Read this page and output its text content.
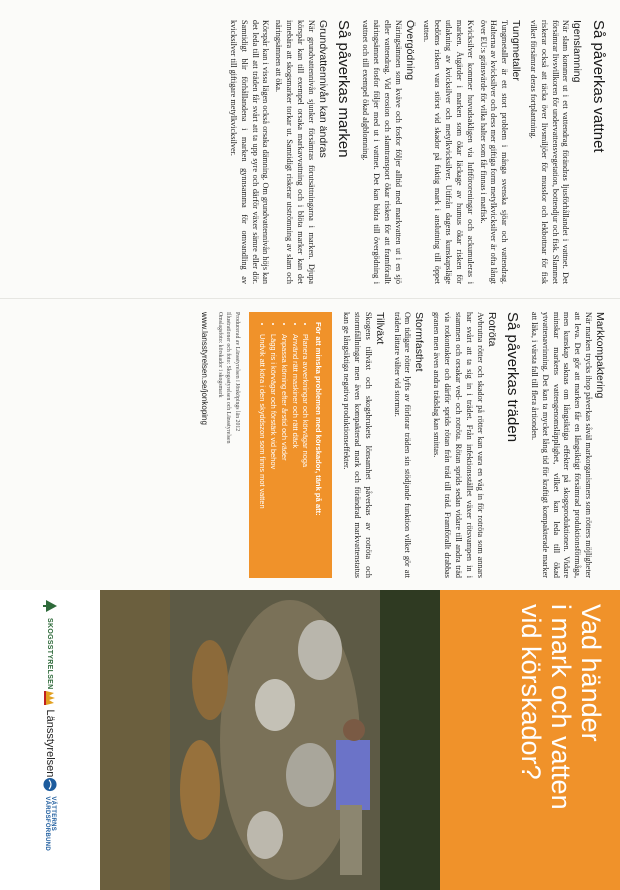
Så påverkas vattnet
Igenslamning

När slam kommer ut i ett vattendrag förändras ljusförhållandet i vattnet. Det försämrar livsvillkoren för undervattensvegetation, bottendjur och fisk. Slammet riskerar också att täcka över livsmiljöer för musslor och lekbottnar för fisk vilket försämrar deras fortplantning.

Tungmetaller

Tungmetaller är ett stort problem i många svenska sjöar och vattendrag. Halterna av kvicksilver och dess mer giftiga form metylkvicksilver är ofta långt över EU:s gränsvärde för vilka halter som får finnas i matfisk.

Kvicksilver kommer huvudsakligen via luftföroreningar och ackumuleras i marken. Åtgärder i marken som ökar läckage av humus ökar risken för utlakning av kvicksilver och metylkvicksilver. Utifrån dagens kunskapsläge bedöms risken vara störst vid skador på fuktig mark i anslutning till öppet vatten.

Övergödning

Näringsämnen som kväve och fosfor följer alltid med markvatten ut i en sjö eller vattendrag. Vid erosion och slamtransport ökar risken för att framförallt näringsämnet fosfor följer med ut i vattnet. Det kan bidra till övergödning i vattnet och till exempel ökad algblomning.

Så påverkas marken
Grundvattennivån kan ändras

När grundvattennivån sjunker försämras förutsättningarna i marken. Djupa körspår kan till exempel orsaka markavvattning och i blöta marker kan det innebära att skogsmarker torkar ut. Samtidigt riskerar utströmning av slam och näringsämnen att öka.

Körspår kan i vissa lägen också orsaka dämning. Om grundvattennivån höjs kan det leda till att träden får svårt att ta upp syre och därför växer sämre eller dör. Samtidigt blir förhållandena i marken gynnsamma för omvandling av kvicksilver till giftigare metylkvicksilver.

Markkompaktering

När marken trycks ihop påverkas såväl markorganismers som rötters möjligheter att leva. Det gör att marken får en långsiktigt försämrad produktionsförmåga, men kunskap saknas om långsiktiga effekter på skogsproduktionen. Vidare minskar markens vattengenomsläpplighet, vilket kan leda till ökad ytvattenavrinning. Det kan ta mycket lång tid för kraftigt kompakterade marker att läka, i värsta fall till flera årtionden.

Så påverkas träden
Rotröta

Avbrutna rötter och skador på rötter kan vara en väg in för rotröta som annars har svårt att ta sig in i trädet. Från infektionsstället växer rötsvampen in i stammen och orsakar ved- och rotröta. Rötan sprids sedan vidare till andra träd via rotkontakter och därför sprids rötan från träd till träd. Framförallt drabbas granen men även andra trädslag kan smittas.

Stormfasthet

Om tidigare rötter lyfts av förlorar träden sin stödjande funktion vilket gör att träden lättare välter vid stormar.

Tillväxt

Skogens tillväxt och skogsbrukets lönsamhet påverkas av rotröta och stormfällningar men även kompakterad mark och förändrad markvattenstatus kan ge långsiktiga negativa produktionseffekter.

För att minska problemen med körskador, tänk på att:
• Planera avverkningar och körvägar noga
• Använd rätt maskiner och rätt däck
• Anpassa körning efter årstid och väder
• Lägg ris i körvägar och förstärk vid behov
• Undvik att köra i den skyddszon som finns mot vatten
Producerad av Länsstyrelsen i Jönköpings län 2012
Illustrationer och foto: Skogsstyrelsen och Länsstyrelsen
Omslagsfoto: körskador i skogsmark
www.lansstyrelsen.se/jonkoping
Vad händer
i mark och vatten
vid körskador?
SKOGSSTYRELSEN
Länsstyrelsen
VÄTTERNS VÅRDSFÖRBUND
